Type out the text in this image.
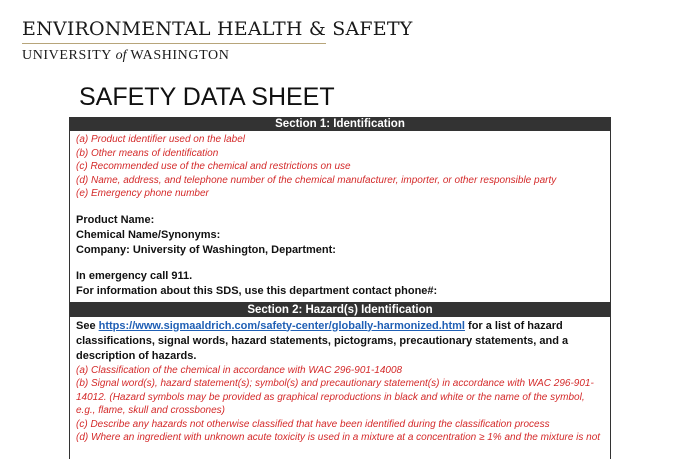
ENVIRONMENTAL HEALTH & SAFETY
UNIVERSITY of WASHINGTON
SAFETY DATA SHEET
Section 1: Identification
(a) Product identifier used on the label
(b) Other means of identification
(c) Recommended use of the chemical and restrictions on use
(d) Name, address, and telephone number of the chemical manufacturer, importer, or other responsible party
(e) Emergency phone number
Product Name:
Chemical Name/Synonyms:
Company: University of Washington, Department:
In emergency call 911.
For information about this SDS, use this department contact phone#:
Section 2: Hazard(s) Identification
See https://www.sigmaaldrich.com/safety-center/globally-harmonized.html for a list of hazard classifications, signal words, hazard statements, pictograms, precautionary statements, and a description of hazards.
(a) Classification of the chemical in accordance with WAC 296-901-14008
(b) Signal word(s), hazard statement(s); symbol(s) and precautionary statement(s) in accordance with WAC 296-901-14012. (Hazard symbols may be provided as graphical reproductions in black and white or the name of the symbol, e.g., flame, skull and crossbones)
(c) Describe any hazards not otherwise classified that have been identified during the classification process
(d) Where an ingredient with unknown acute toxicity is used in a mixture at a concentration ≥ 1% and the mixture is not
